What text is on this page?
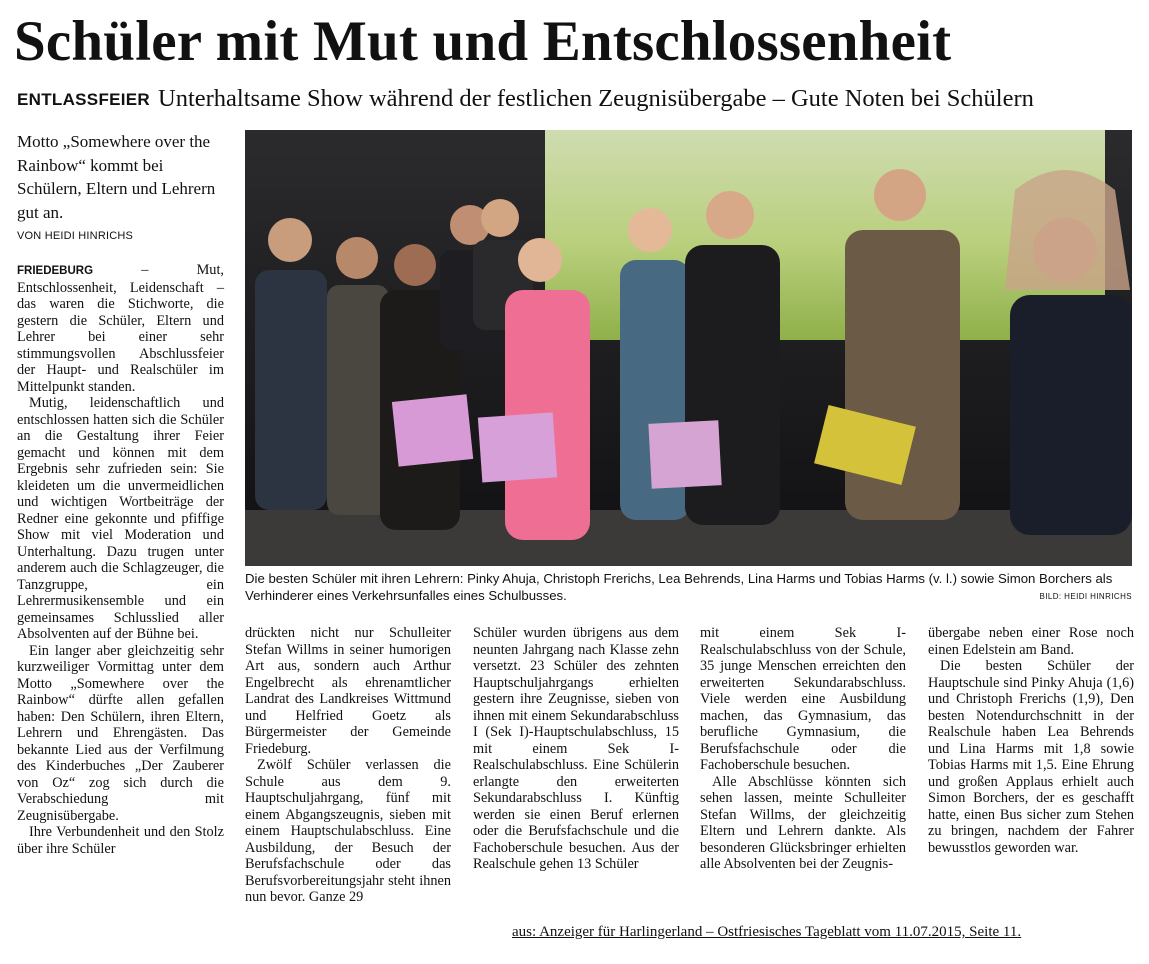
Schüler mit Mut und Entschlossenheit
ENTLASSFEIER Unterhaltsame Show während der festlichen Zeugnisübergabe – Gute Noten bei Schülern
Motto „Somewhere over the Rainbow“ kommt bei Schülern, Eltern und Lehrern gut an.
VON HEIDI HINRICHS

FRIEDEBURG	– Mut, Entschlossenheit, Leidenschaft – das waren die Stichworte, die gestern die Schüler, Eltern und Lehrer bei einer sehr stimmungsvollen Abschlussfeier der Haupt- und Realschüler im Mittelpunkt standen.

Mutig, leidenschaftlich und entschlossen hatten sich die Schüler an die Gestaltung ihrer Feier gemacht und können mit dem Ergebnis sehr zufrieden sein: Sie kleideten um die unvermeidlichen und wichtigen Wortbeiträge der Redner eine gekonnte und pfiffige Show mit viel Moderation und Unterhaltung. Dazu trugen unter anderem auch die Schlagzeuger, die Tanzgruppe, ein Lehrermusikensemble und ein gemeinsames Schlusslied aller Absolventen auf der Bühne bei.

Ein langer aber gleichzeitig sehr kurzweiliger Vormittag unter dem Motto „Somewhere over the Rainbow“ dürfte allen gefallen haben: Den Schülern, ihren Eltern, Lehrern und Ehrengästen. Das bekannte Lied aus der Verfilmung des Kinderbuches „Der Zauberer von Oz“ zog sich durch die Verabschiedung mit Zeugnisübergabe.

Ihre Verbundenheit und den Stolz über ihre Schüler

Die besten Schüler mit ihren Lehrern: Pinky Ahuja, Christoph Frerichs, Lea Behrends, Lina Harms und Tobias Harms (v. l.) sowie Simon Borchers als Verhinderer eines Verkehrsunfalles eines Schulbusses.	BILD: HEIDI HINRICHS

drückten nicht nur Schulleiter Stefan Willms in seiner humorigen Art aus, sondern auch Arthur Engelbrecht als ehrenamtlicher Landrat des Landkreises Wittmund und Helfried Goetz als Bürgermeister der Gemeinde Friedeburg.

Zwölf Schüler verlassen die Schule aus dem 9. Hauptschuljahrgang, fünf mit einem Abgangszeugnis, sieben mit einem Hauptschulabschluss. Eine Ausbildung, der Besuch der Berufsfachschule oder das Berufsvorbereitungsjahr steht ihnen nun bevor. Ganze 29

Schüler wurden übrigens aus dem neunten Jahrgang nach Klasse zehn versetzt. 23 Schüler des zehnten Hauptschuljahrgangs erhielten gestern ihre Zeugnisse, sieben von ihnen mit einem Sekundarabschluss I (Sek I)-Hauptschulabschluss, 15 mit einem Sek I-Realschulabschluss. Eine Schülerin erlangte den erweiterten Sekundarabschluss I. Künftig werden sie einen Beruf erlernen oder die Berufsfachschule und die Fachoberschule besuchen. Aus der Realschule gehen 13 Schüler

mit einem Sek I-Realschulabschluss von der Schule, 35 junge Menschen erreichten den erweiterten Sekundarabschluss. Viele werden eine Ausbildung machen, das Gymnasium, das berufliche Gymnasium, die Berufsfachschule oder die Fachoberschule besuchen.

Alle Abschlüsse könnten sich sehen lassen, meinte Schulleiter Stefan Willms, der gleichzeitig Eltern und Lehrern dankte. Als besonderen Glücksbringer erhielten alle Absolventen bei der Zeugnis-

übergabe neben einer Rose noch einen Edelstein am Band.

Die besten Schüler der Hauptschule sind Pinky Ahuja (1,6) und Christoph Frerichs (1,9), Den besten Notendurchschnitt in der Realschule haben Lea Behrends und Lina Harms mit 1,8 sowie Tobias Harms mit 1,5. Eine Ehrung und großen Applaus erhielt auch Simon Borchers, der es geschafft hatte, einen Bus sicher zum Stehen zu bringen, nachdem der Fahrer bewusstlos geworden war.

aus: Anzeiger für Harlingerland – Ostfriesisches Tageblatt vom 11.07.2015, Seite 11.
